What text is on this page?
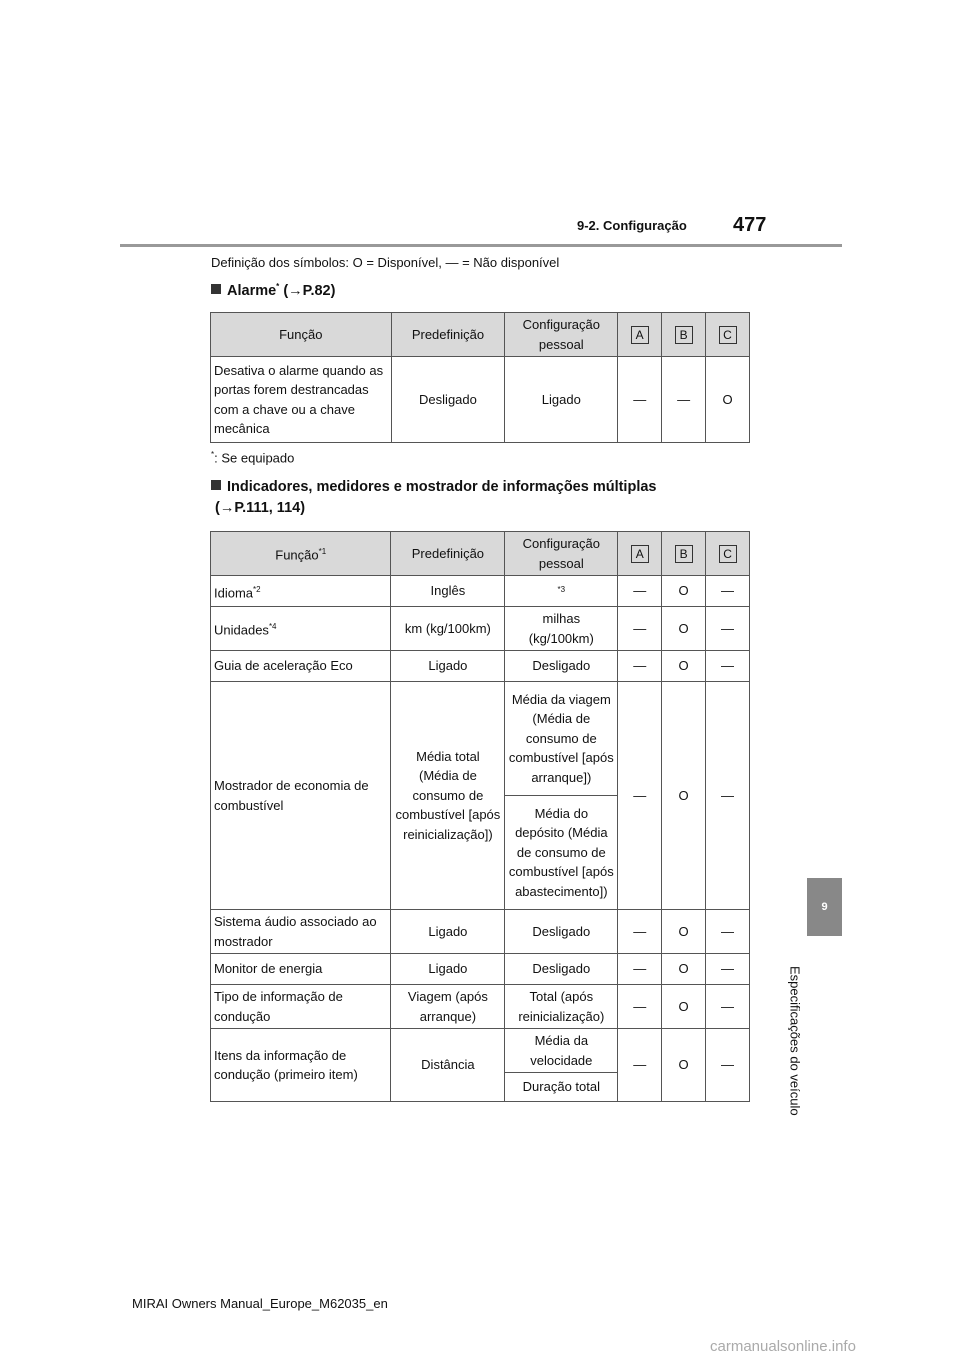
9-2. Configuração 477
9
Especificações do veículo
Definição dos símbolos: O = Disponível, — = Não disponível
Alarme* (→P.82)
Função	Predefinição	Configuração pessoal	A	B	C
Desativa o alarme quando as portas forem destrancadas com a chave ou a chave mecânica	Desligado	Ligado	—	—	O
*: Se equipado
Indicadores, medidores e mostrador de informações múltiplas
(→P.111, 114)
Função$^{*1}$	Predefinição	Configuração pessoal	A	B	C
Idioma$^{*2}$	Inglês	$^{*3}$	—	O	—
Unidades$^{*4}$	km (kg/100km)	milhas (kg/100km)	—	O	—
Guia de aceleração Eco	Ligado	Desligado	—	O	—
Mostrador de economia de combustível	Média total (Média de consumo de combustível [após reinicialização])	Média da viagem (Média de consumo de combustível [após arranque])	—	O	—
		Média do depósito (Média de consumo de combustível [após abastecimento])			
Sistema áudio associado ao mostrador	Ligado	Desligado	—	O	—
Monitor de energia	Ligado	Desligado	—	O	—
Tipo de informação de condução	Viagem (após arranque)	Total (após reinicialização)	—	O	—
Itens da informação de condução (primeiro item)	Distância	Média da velocidade	—	O	—
		Duração total			
MIRAI Owners Manual_Europe_M62035_en
carmanualsonline.info
